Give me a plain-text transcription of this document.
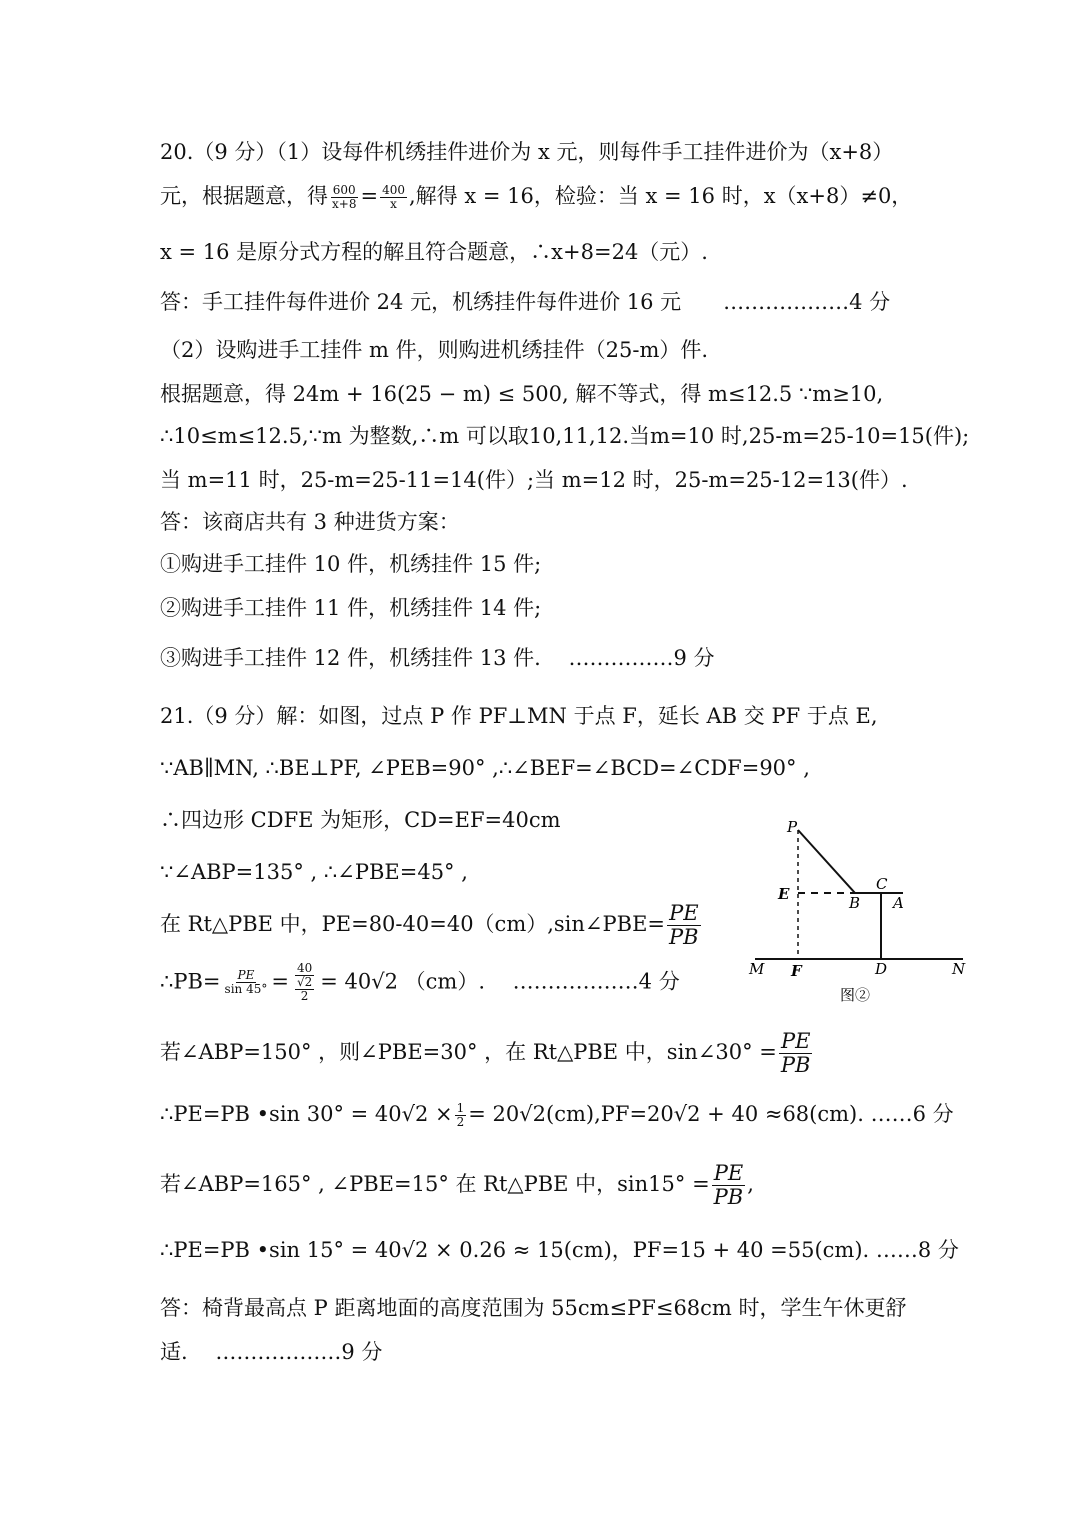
20.（9 分）（1）设每件机绣挂件进价为 x 元，则每件手工挂件进价为（x+8）
元，根据题意，得 $\frac{600}{x+8} = \frac{400}{x}$ ,解得 x = 16，检验：当 x = 16 时，x（x+8）≠0，
x = 16 是原分式方程的解且符合题意，∴x+8=24（元）.
答：手工挂件每件进价 24 元，机绣挂件每件进价 16 元　　………………4 分
（2）设购进手工挂件 m 件，则购进机绣挂件（25-m）件.
根据题意，得 24m + 16(25 − m) ≤ 500, 解不等式，得 m≤12.5 ∵m≥10,
∴10≤m≤12.5,∵m 为整数,∴m 可以取10,11,12.当m=10 时,25-m=25-10=15(件);
当 m=11 时，25-m=25-11=14(件）;当 m=12 时，25-m=25-12=13(件）.
答：该商店共有 3 种进货方案：
①购进手工挂件 10 件，机绣挂件 15 件;
②购进手工挂件 11 件，机绣挂件 14 件;
③购进手工挂件 12 件，机绣挂件 13 件.　 ……………9 分
21.（9 分）解：如图，过点 P 作 PF⊥MN 于点 F，延长 AB 交 PF 于点 E,
∵AB∥MN, ∴BE⊥PF, ∠PEB=90° ,∴∠BEF=∠BCD=∠CDF=90° ,
∴四边形 CDFE 为矩形，CD=EF=40cm
∵∠ABP=135° , ∴∠PBE=45° ,
在 Rt△PBE 中，PE=80-40=40（cm）,sin∠PBE= $\frac{PE}{PB}$
∴PB= $\frac{PE}{\sin 45^\circ} = \frac{40}{\frac{√2}{2}} = 40√2$ （cm）.　 ………………4 分
若∠ABP=150° ，则∠PBE=30° ，在 Rt△PBE 中，sin∠30° = $\frac{PE}{PB}$
∴PE=PB •sin $30^\circ = 40√2 \times \frac{1}{2} = 20√2(cm),PF=20√2 + 40 \approx 68(cm)$. ……6 分
若∠ABP=165° , ∠PBE=15° 在 Rt△PBE 中，$\sin 15^\circ = \frac{PE}{PB}$ ,
∴PE=PB •sin 15° = 40√2 × 0.26 ≈ 15(cm)，PF=15 + 40 =55(cm). ……8 分
答：椅背最高点 P 距离地面的高度范围为 55cm≤PF≤68cm 时，学生午休更舒
适.　 ………………9 分
P
E
C
B A
M F	D	N
图②
